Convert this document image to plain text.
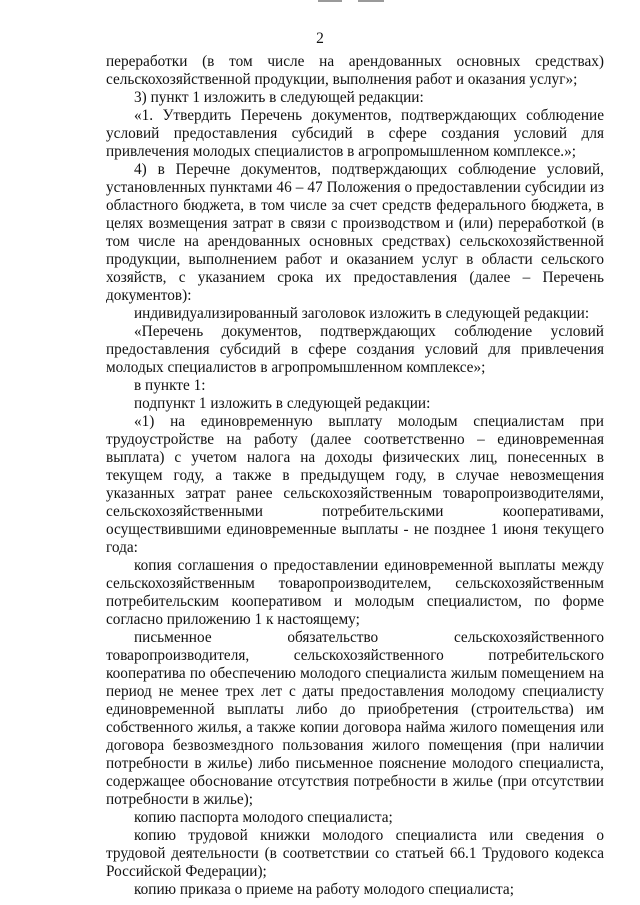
2

переработки (в том числе на арендованных основных средствах) сельскохозяйственной продукции, выполнения работ и оказания услуг»;

3) пункт 1 изложить в следующей редакции:

«1. Утвердить Перечень документов, подтверждающих соблюдение условий предоставления субсидий в сфере создания условий для привлечения молодых специалистов в агропромышленном комплексе.»;

4) в Перечне документов, подтверждающих соблюдение условий, установленных пунктами 46 – 47 Положения о предоставлении субсидии из областного бюджета, в том числе за счет средств федерального бюджета, в целях возмещения затрат в связи с производством и (или) переработкой (в том числе на арендованных основных средствах) сельскохозяйственной продукции, выполнением работ и оказанием услуг в области сельского хозяйств, с указанием срока их предоставления (далее – Перечень документов):

индивидуализированный заголовок изложить в следующей редакции:

«Перечень документов, подтверждающих соблюдение условий предоставления субсидий в сфере создания условий для привлечения молодых специалистов в агропромышленном комплексе»;

в пункте 1:

подпункт 1 изложить в следующей редакции:

«1) на единовременную выплату молодым специалистам при трудоустройстве на работу (далее соответственно – единовременная выплата) с учетом налога на доходы физических лиц, понесенных в текущем году, а также в предыдущем году, в случае невозмещения указанных затрат ранее сельскохозяйственным товаропроизводителями, сельскохозяйственными потребительскими кооперативами, осуществившими единовременные выплаты - не позднее 1 июня текущего года:

копия соглашения о предоставлении единовременной выплаты между сельскохозяйственным товаропроизводителем, сельскохозяйственным потребительским кооперативом и молодым специалистом, по форме согласно приложению 1 к настоящему;

письменное обязательство сельскохозяйственного товаропроизводителя, сельскохозяйственного потребительского кооператива по обеспечению молодого специалиста жилым помещением на период не менее трех лет с даты предоставления молодому специалисту единовременной выплаты либо до приобретения (строительства) им собственного жилья, а также копии договора найма жилого помещения или договора безвозмездного пользования жилого помещения (при наличии потребности в жилье) либо письменное пояснение молодого специалиста, содержащее обоснование отсутствия потребности в жилье (при отсутствии потребности в жилье);

копию паспорта молодого специалиста;

копию трудовой книжки молодого специалиста или сведения о трудовой деятельности (в соответствии со статьей 66.1 Трудового кодекса Российской Федерации);

копию приказа о приеме на работу молодого специалиста;
